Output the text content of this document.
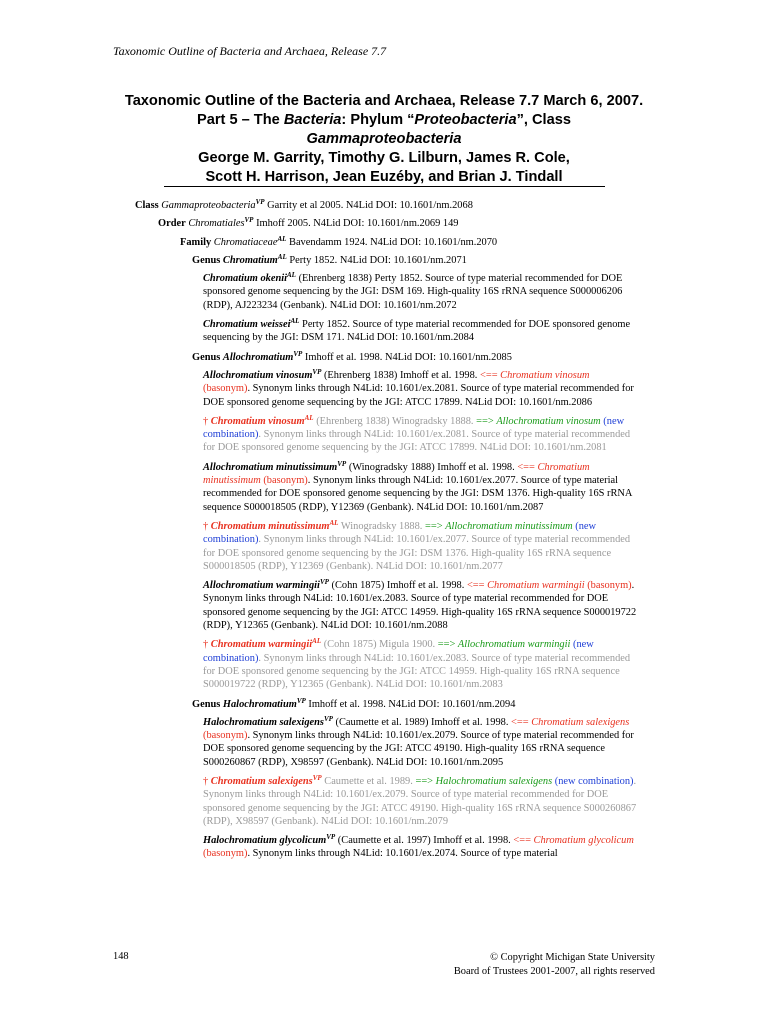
Taxonomic Outline of Bacteria and Archaea, Release 7.7
Taxonomic Outline of the Bacteria and Archaea, Release 7.7 March 6, 2007.
Part 5 – The Bacteria: Phylum “Proteobacteria”, Class
Gammaproteobacteria
George M. Garrity, Timothy G. Lilburn, James R. Cole,
Scott H. Harrison, Jean Euzéby, and Brian J. Tindall
Class Gammaproteobacteria$^{VP}$ Garrity et al 2005. N4Lid DOI: 10.1601/nm.2068
Order Chromatiales$^{VP}$ Imhoff 2005. N4Lid DOI: 10.1601/nm.2069 149
Family Chromatiaceae$^{AL}$ Bavendamm 1924. N4Lid DOI: 10.1601/nm.2070
Genus Chromatium$^{AL}$ Perty 1852. N4Lid DOI: 10.1601/nm.2071
Chromatium okenii$^{AL}$ (Ehrenberg 1838) Perty 1852. Source of type material recommended for DOE sponsored genome sequencing by the JGI: DSM 169. High-quality 16S rRNA sequence S000006206 (RDP), AJ223234 (Genbank). N4Lid DOI: 10.1601/nm.2072
Chromatium weissei$^{AL}$ Perty 1852. Source of type material recommended for DOE sponsored genome sequencing by the JGI: DSM 171. N4Lid DOI: 10.1601/nm.2084
Genus Allochromatium$^{VP}$ Imhoff et al. 1998. N4Lid DOI: 10.1601/nm.2085
Allochromatium vinosum$^{VP}$ (Ehrenberg 1838) Imhoff et al. 1998. <== Chromatium vinosum (basonym). Synonym links through N4Lid: 10.1601/ex.2081. Source of type material recommended for DOE sponsored genome sequencing by the JGI: ATCC 17899. N4Lid DOI: 10.1601/nm.2086
† Chromatium vinosum$^{AL}$ (Ehrenberg 1838) Winogradsky 1888. ==> Allochromatium vinosum (new combination). Synonym links through N4Lid: 10.1601/ex.2081. Source of type material recommended for DOE sponsored genome sequencing by the JGI: ATCC 17899. N4Lid DOI: 10.1601/nm.2081
Allochromatium minutissimum$^{VP}$ (Winogradsky 1888) Imhoff et al. 1998. <== Chromatium minutissimum (basonym). Synonym links through N4Lid: 10.1601/ex.2077. Source of type material recommended for DOE sponsored genome sequencing by the JGI: DSM 1376. High-quality 16S rRNA sequence S000018505 (RDP), Y12369 (Genbank). N4Lid DOI: 10.1601/nm.2087
† Chromatium minutissimum$^{AL}$ Winogradsky 1888. ==> Allochromatium minutissimum (new combination). Synonym links through N4Lid: 10.1601/ex.2077. Source of type material recommended for DOE sponsored genome sequencing by the JGI: DSM 1376. High-quality 16S rRNA sequence S000018505 (RDP), Y12369 (Genbank). N4Lid DOI: 10.1601/nm.2077
Allochromatium warmingii$^{VP}$ (Cohn 1875) Imhoff et al. 1998. <== Chromatium warmingii (basonym). Synonym links through N4Lid: 10.1601/ex.2083. Source of type material recommended for DOE sponsored genome sequencing by the JGI: ATCC 14959. High-quality 16S rRNA sequence S000019722 (RDP), Y12365 (Genbank). N4Lid DOI: 10.1601/nm.2088
† Chromatium warmingii$^{AL}$ (Cohn 1875) Migula 1900. ==> Allochromatium warmingii (new combination). Synonym links through N4Lid: 10.1601/ex.2083. Source of type material recommended for DOE sponsored genome sequencing by the JGI: ATCC 14959. High-quality 16S rRNA sequence S000019722 (RDP), Y12365 (Genbank). N4Lid DOI: 10.1601/nm.2083
Genus Halochromatium$^{VP}$ Imhoff et al. 1998. N4Lid DOI: 10.1601/nm.2094
Halochromatium salexigens$^{VP}$ (Caumette et al. 1989) Imhoff et al. 1998. <== Chromatium salexigens (basonym). Synonym links through N4Lid: 10.1601/ex.2079. Source of type material recommended for DOE sponsored genome sequencing by the JGI: ATCC 49190. High-quality 16S rRNA sequence S000260867 (RDP), X98597 (Genbank). N4Lid DOI: 10.1601/nm.2095
† Chromatium salexigens$^{VP}$ Caumette et al. 1989. ==> Halochromatium salexigens (new combination). Synonym links through N4Lid: 10.1601/ex.2079. Source of type material recommended for DOE sponsored genome sequencing by the JGI: ATCC 49190. High-quality 16S rRNA sequence S000260867 (RDP), X98597 (Genbank). N4Lid DOI: 10.1601/nm.2079
Halochromatium glycolicum$^{VP}$ (Caumette et al. 1997) Imhoff et al. 1998. <== Chromatium glycolicum (basonym). Synonym links through N4Lid: 10.1601/ex.2074. Source of type material
148	© Copyright Michigan State University
Board of Trustees 2001-2007, all rights reserved
